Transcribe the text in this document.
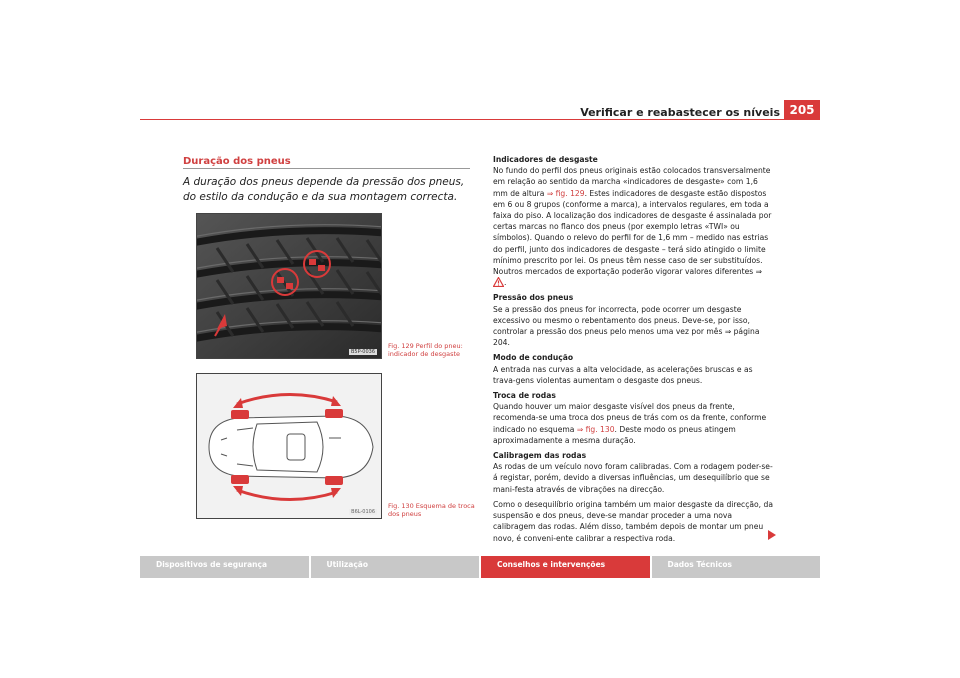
Verificar e reabastecer os níveis 205
Duração dos pneus
A duração dos pneus depende da pressão dos pneus, do estilo da condução e da sua montagem correcta.
B5P-0036
Fig. 129 Perfil do pneu: indicador de desgaste
B6L-0106
Fig. 130 Esquema de troca dos pneus

Indicadores de desgaste
No fundo do perfil dos pneus originais estão colocados transversalmente em relação ao sentido da marcha «indicadores de desgaste» com 1,6 mm de altura ⇒ fig. 129. Estes indicadores de desgaste estão dispostos em 6 ou 8 grupos (conforme a marca), a intervalos regulares, em toda a faixa do piso. A localização dos indicadores de desgaste é assinalada por certas marcas no flanco dos pneus (por exemplo letras «TWI» ou símbolos). Quando o relevo do perfil for de 1,6 mm – medido nas estrias do perfil, junto dos indicadores de desgaste – terá sido atingido o limite mínimo prescrito por lei. Os pneus têm nesse caso de ser substituídos. Noutros mercados de exportação poderão vigorar valores diferentes ⇒ .

Pressão dos pneus
Se a pressão dos pneus for incorrecta, pode ocorrer um desgaste excessivo ou mesmo o rebentamento dos pneus. Deve-se, por isso, controlar a pressão dos pneus pelo menos uma vez por mês ⇒ página 204.

Modo de condução
A entrada nas curvas a alta velocidade, as acelerações bruscas e as trava-gens violentas aumentam o desgaste dos pneus.

Troca de rodas
Quando houver um maior desgaste visível dos pneus da frente, recomenda-se uma troca dos pneus de trás com os da frente, conforme indicado no esquema ⇒ fig. 130. Deste modo os pneus atingem aproximadamente a mesma duração.

Calibragem das rodas
As rodas de um veículo novo foram calibradas. Com a rodagem poder-se-á registar, porém, devido a diversas influências, um desequilíbrio que se mani-festa através de vibrações na direcção.

Como o desequilíbrio origina também um maior desgaste da direcção, da suspensão e dos pneus, deve-se mandar proceder a uma nova calibragem das rodas. Além disso, também depois de montar um pneu novo, é conveni-ente calibrar a respectiva roda.

Dispositivos de segurança	Utilização	Conselhos e intervenções	Dados Técnicos
